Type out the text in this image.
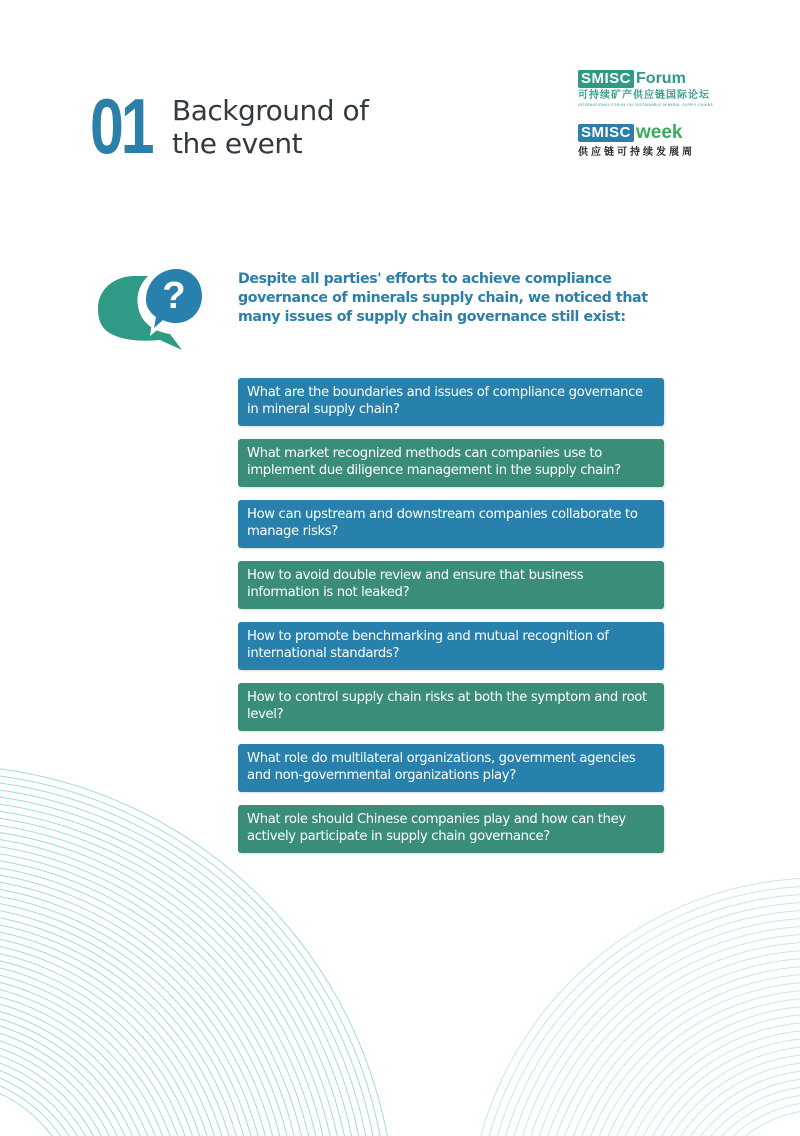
01 Background of
the event
SMISC Forum
可持续矿产供应链国际论坛
INTERNATIONAL FORUM ON SUSTAINABLE MINERAL SUPPLY CHAINS
SMISC week
供应链可持续发展周
?	Despite all parties' efforts to achieve compliance governance of minerals supply chain, we noticed that many issues of supply chain governance still exist:
What are the boundaries and issues of compliance governance in mineral supply chain?
What market recognized methods can companies use to implement due diligence management in the supply chain?
How can upstream and downstream companies collaborate to manage risks?
How to avoid double review and ensure that business information is not leaked?
How to promote benchmarking and mutual recognition of international standards?
How to control supply chain risks at both the symptom and root level?
What role do multilateral organizations, government agencies and non-governmental organizations play?
What role should Chinese companies play and how can they actively participate in supply chain governance?
